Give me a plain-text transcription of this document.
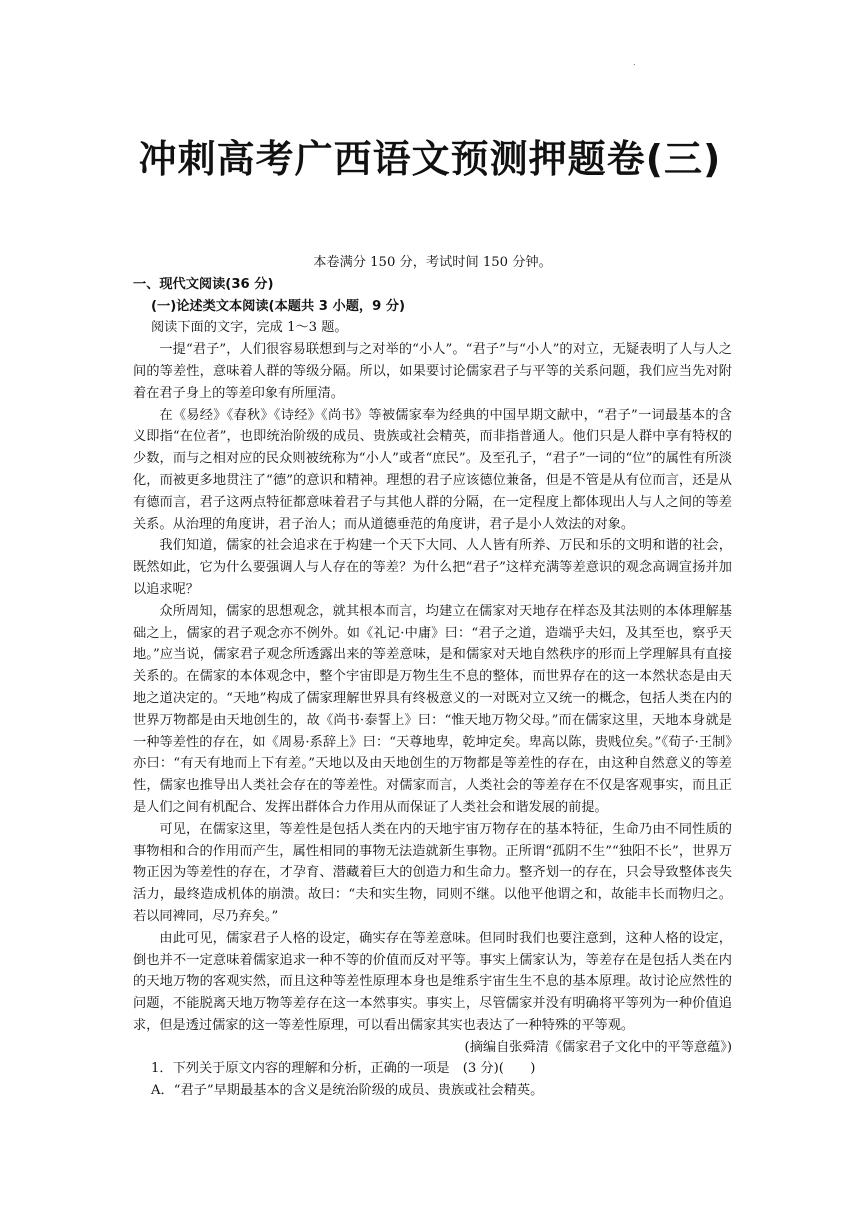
.
冲刺高考广西语文预测押题卷(三)

本卷满分 150 分，考试时间 150 分钟。

一、现代文阅读(36 分)

(一)论述类文本阅读(本题共 3 小题，9 分)

阅读下面的文字，完成 1～3 题。

一提“君子”，人们很容易联想到与之对举的“小人”。“君子”与“小人”的对立，无疑表明了人与人之间的等差性，意味着人群的等级分隔。所以，如果要讨论儒家君子与平等的关系问题，我们应当先对附着在君子身上的等差印象有所厘清。

在《易经》《春秋》《诗经》《尚书》等被儒家奉为经典的中国早期文献中，“君子”一词最基本的含义即指“在位者”，也即统治阶级的成员、贵族或社会精英，而非指普通人。他们只是人群中享有特权的少数，而与之相对应的民众则被统称为“小人”或者“庶民”。及至孔子，“君子”一词的“位”的属性有所淡化，而被更多地贯注了“德”的意识和精神。理想的君子应该德位兼备，但是不管是从有位而言，还是从有德而言，君子这两点特征都意味着君子与其他人群的分隔，在一定程度上都体现出人与人之间的等差关系。从治理的角度讲，君子治人；而从道德垂范的角度讲，君子是小人效法的对象。

我们知道，儒家的社会追求在于构建一个天下大同、人人皆有所养、万民和乐的文明和谐的社会，既然如此，它为什么要强调人与人存在的等差？为什么把“君子”这样充满等差意识的观念高调宣扬并加以追求呢？

众所周知，儒家的思想观念，就其根本而言，均建立在儒家对天地存在样态及其法则的本体理解基础之上，儒家的君子观念亦不例外。如《礼记·中庸》曰：“君子之道，造端乎夫妇，及其至也，察乎天地。”应当说，儒家君子观念所透露出来的等差意味，是和儒家对天地自然秩序的形而上学理解具有直接关系的。在儒家的本体观念中，整个宇宙即是万物生生不息的整体，而世界存在的这一本然状态是由天地之道决定的。“天地”构成了儒家理解世界具有终极意义的一对既对立又统一的概念，包括人类在内的世界万物都是由天地创生的，故《尚书·泰誓上》曰：“惟天地万物父母。”而在儒家这里，天地本身就是一种等差性的存在，如《周易·系辞上》曰：“天尊地卑，乾坤定矣。卑高以陈，贵贱位矣。”《荀子·王制》亦曰：“有天有地而上下有差。”天地以及由天地创生的万物都是等差性的存在，由这种自然意义的等差性，儒家也推导出人类社会存在的等差性。对儒家而言，人类社会的等差存在不仅是客观事实，而且正是人们之间有机配合、发挥出群体合力作用从而保证了人类社会和谐发展的前提。

可见，在儒家这里，等差性是包括人类在内的天地宇宙万物存在的基本特征，生命乃由不同性质的事物相和合的作用而产生，属性相同的事物无法造就新生事物。正所谓“孤阴不生”“独阳不长”，世界万物正因为等差性的存在，才孕育、潜藏着巨大的创造力和生命力。整齐划一的存在，只会导致整体丧失活力，最终造成机体的崩溃。故曰：“夫和实生物，同则不继。以他平他谓之和，故能丰长而物归之。若以同裨同，尽乃弃矣。”

由此可见，儒家君子人格的设定，确实存在等差意味。但同时我们也要注意到，这种人格的设定，倒也并不一定意味着儒家追求一种不等的价值而反对平等。事实上儒家认为，等差存在是包括人类在内的天地万物的客观实然，而且这种等差性原理本身也是维系宇宙生生不息的基本原理。故讨论应然性的问题，不能脱离天地万物等差存在这一本然事实。事实上，尽管儒家并没有明确将平等列为一种价值追求，但是透过儒家的这一等差性原理，可以看出儒家其实也表达了一种特殊的平等观。

(摘编自张舜清《儒家君子文化中的平等意蕴》)

1．下列关于原文内容的理解和分析，正确的一项是　(3 分)(　　)

A．“君子”早期最基本的含义是统治阶级的成员、贵族或社会精英。
